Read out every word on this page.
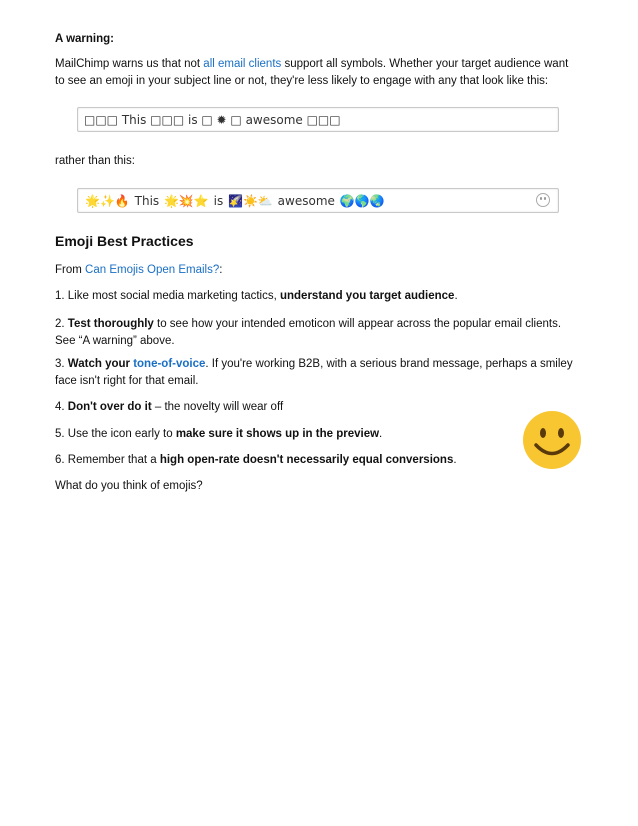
A warning:

MailChimp warns us that not all email clients support all symbols. Whether your target audience want to see an emoji in your subject line or not, they're less likely to engage with any that look like this:

□□□ This □□□ is □ ✹ □ awesome □□□

rather than this:

🌟✨🔥 This 🌟💥⭐ is 🌠☀️⛅ awesome 🌍🌎🌏
Emoji Best Practices

From Can Emojis Open Emails?:

1. Like most social media marketing tactics, understand you target audience.

2. Test thoroughly to see how your intended emoticon will appear across the popular email clients. See “A warning” above.

3. Watch your tone-of-voice. If you're working B2B, with a serious brand message, perhaps a smiley face isn't right for that email.

4. Don't over do it – the novelty will wear off

5. Use the icon early to make sure it shows up in the preview.

6. Remember that a high open-rate doesn't necessarily equal conversions.

What do you think of emojis?
